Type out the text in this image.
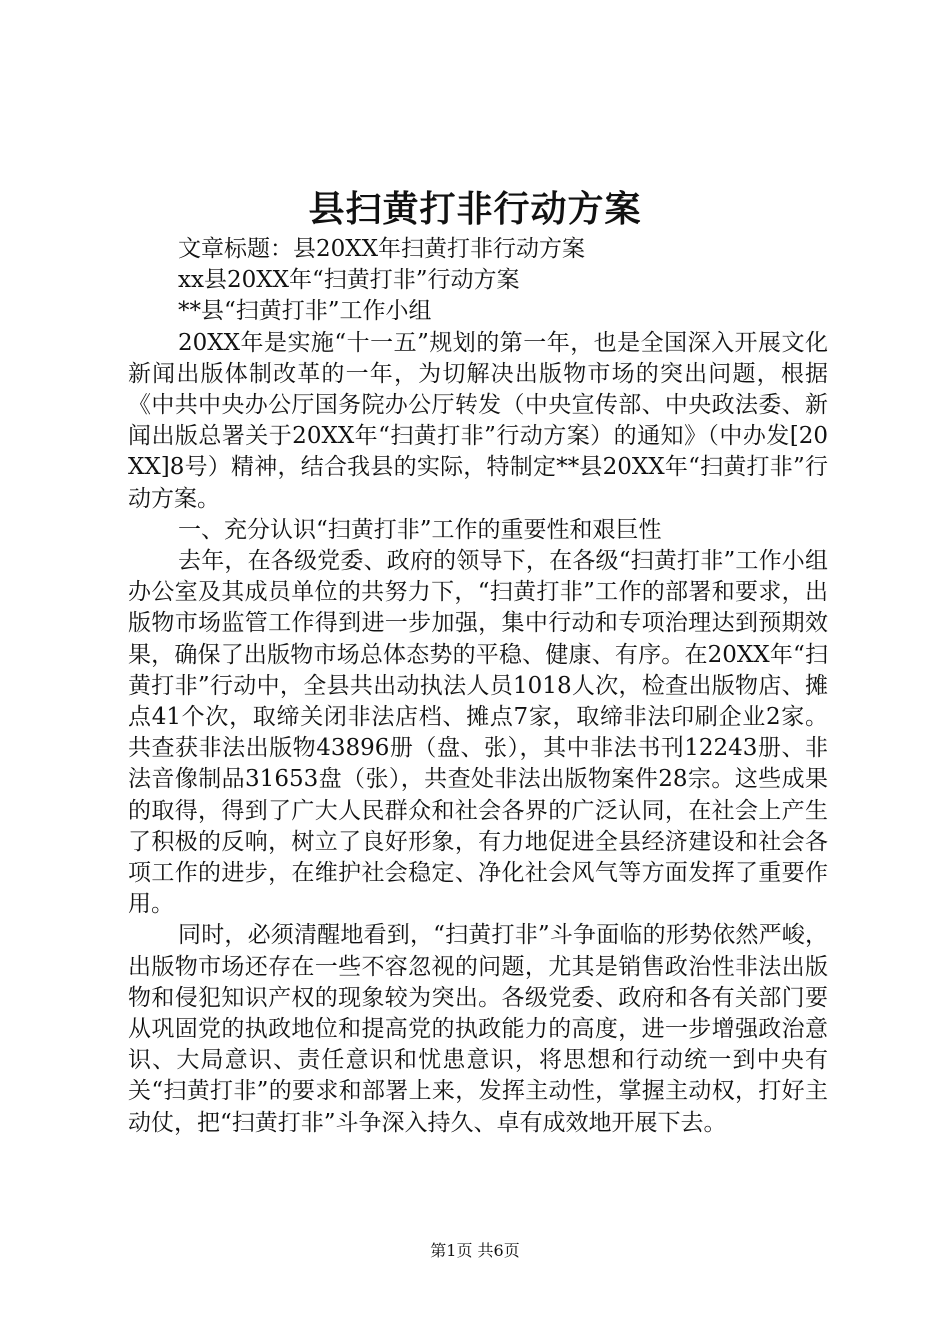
县扫黄打非行动方案

文章标题：县20XX年扫黄打非行动方案

xx县20XX年“扫黄打非”行动方案

**县“扫黄打非”工作小组

20XX年是实施“十一五”规划的第一年，也是全国深入开展文化新闻出版体制改革的一年，为切解决出版物市场的突出问题，根据《中共中央办公厅国务院办公厅转发（中央宣传部、中央政法委、新闻出版总署关于20XX年“扫黄打非”行动方案）的通知》（中办发[20XX]8号）精神，结合我县的实际，特制定**县20XX年“扫黄打非”行动方案。

一、充分认识“扫黄打非”工作的重要性和艰巨性

去年，在各级党委、政府的领导下，在各级“扫黄打非”工作小组办公室及其成员单位的共努力下，“扫黄打非”工作的部署和要求，出版物市场监管工作得到进一步加强，集中行动和专项治理达到预期效果，确保了出版物市场总体态势的平稳、健康、有序。在20XX年“扫黄打非”行动中，全县共出动执法人员1018人次，检查出版物店、摊点41个次，取缔关闭非法店档、摊点7家，取缔非法印刷企业2家。共查获非法出版物43896册（盘、张），其中非法书刊12243册、非法音像制品31653盘（张），共查处非法出版物案件28宗。这些成果的取得，得到了广大人民群众和社会各界的广泛认同，在社会上产生了积极的反响，树立了良好形象，有力地促进全县经济建设和社会各项工作的进步，在维护社会稳定、净化社会风气等方面发挥了重要作用。

同时，必须清醒地看到，“扫黄打非”斗争面临的形势依然严峻，出版物市场还存在一些不容忽视的问题，尤其是销售政治性非法出版物和侵犯知识产权的现象较为突出。各级党委、政府和各有关部门要从巩固党的执政地位和提高党的执政能力的高度，进一步增强政治意识、大局意识、责任意识和忧患意识，将思想和行动统一到中央有关“扫黄打非”的要求和部署上来，发挥主动性，掌握主动权，打好主动仗，把“扫黄打非”斗争深入持久、卓有成效地开展下去。

第1页 共6页
